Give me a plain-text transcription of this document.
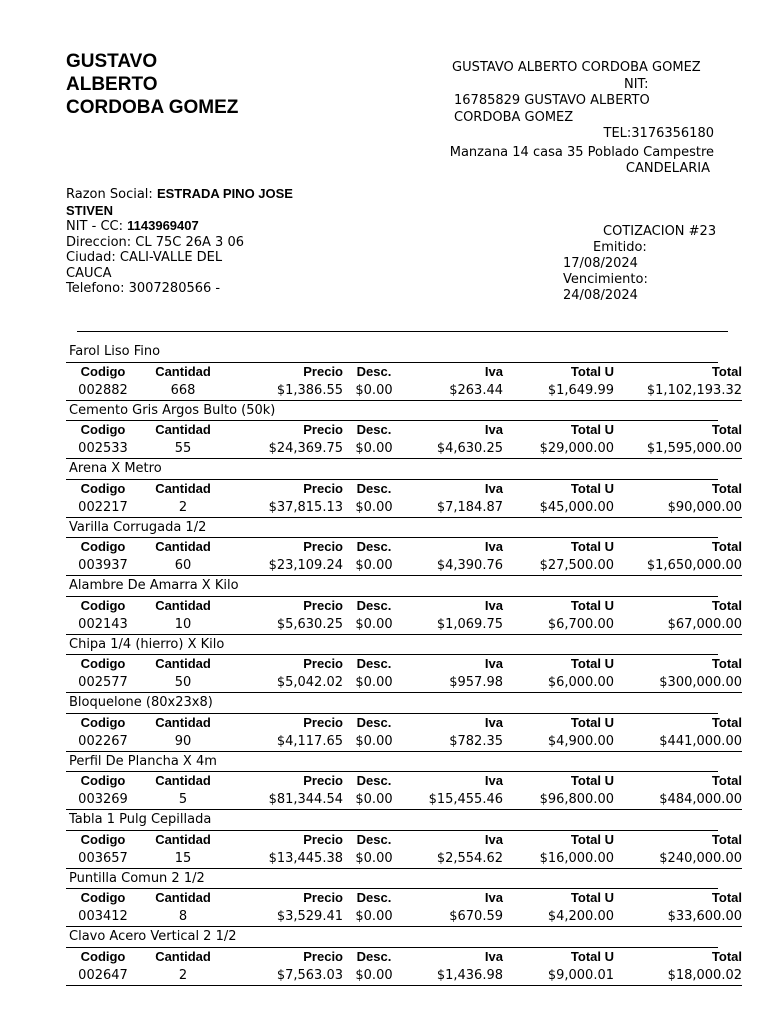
GUSTAVO
ALBERTO
CORDOBA GOMEZ
GUSTAVO ALBERTO CORDOBA GOMEZ
NIT:
16785829 GUSTAVO ALBERTO
CORDOBA GOMEZ
TEL:3176356180
Manzana 14 casa 35 Poblado Campestre
CANDELARIA
Razon Social: ESTRADA PINO JOSE
STIVEN
NIT - CC: 1143969407
Direccion: CL 75C 26A 3 06
Ciudad: CALI-VALLE DEL
CAUCA
Telefono: 3007280566 -
COTIZACION #23
Emitido:
17/08/2024
Vencimiento:
24/08/2024
Farol Liso Fino
Codigo	Cantidad	Precio	Desc.	Iva	Total U	Total
002882	668	$1,386.55	$0.00	$263.44	$1,649.99	$1,102,193.32
Cemento Gris Argos Bulto (50k)
Codigo	Cantidad	Precio	Desc.	Iva	Total U	Total
002533	55	$24,369.75	$0.00	$4,630.25	$29,000.00	$1,595,000.00
Arena X Metro
Codigo	Cantidad	Precio	Desc.	Iva	Total U	Total
002217	2	$37,815.13	$0.00	$7,184.87	$45,000.00	$90,000.00
Varilla Corrugada 1/2
Codigo	Cantidad	Precio	Desc.	Iva	Total U	Total
003937	60	$23,109.24	$0.00	$4,390.76	$27,500.00	$1,650,000.00
Alambre De Amarra X Kilo
Codigo	Cantidad	Precio	Desc.	Iva	Total U	Total
002143	10	$5,630.25	$0.00	$1,069.75	$6,700.00	$67,000.00
Chipa 1/4 (hierro) X Kilo
Codigo	Cantidad	Precio	Desc.	Iva	Total U	Total
002577	50	$5,042.02	$0.00	$957.98	$6,000.00	$300,000.00
Bloquelone (80x23x8)
Codigo	Cantidad	Precio	Desc.	Iva	Total U	Total
002267	90	$4,117.65	$0.00	$782.35	$4,900.00	$441,000.00
Perfil De Plancha X 4m
Codigo	Cantidad	Precio	Desc.	Iva	Total U	Total
003269	5	$81,344.54	$0.00	$15,455.46	$96,800.00	$484,000.00
Tabla 1 Pulg Cepillada
Codigo	Cantidad	Precio	Desc.	Iva	Total U	Total
003657	15	$13,445.38	$0.00	$2,554.62	$16,000.00	$240,000.00
Puntilla Comun 2 1/2
Codigo	Cantidad	Precio	Desc.	Iva	Total U	Total
003412	8	$3,529.41	$0.00	$670.59	$4,200.00	$33,600.00
Clavo Acero Vertical 2 1/2
Codigo	Cantidad	Precio	Desc.	Iva	Total U	Total
002647	2	$7,563.03	$0.00	$1,436.98	$9,000.01	$18,000.02
